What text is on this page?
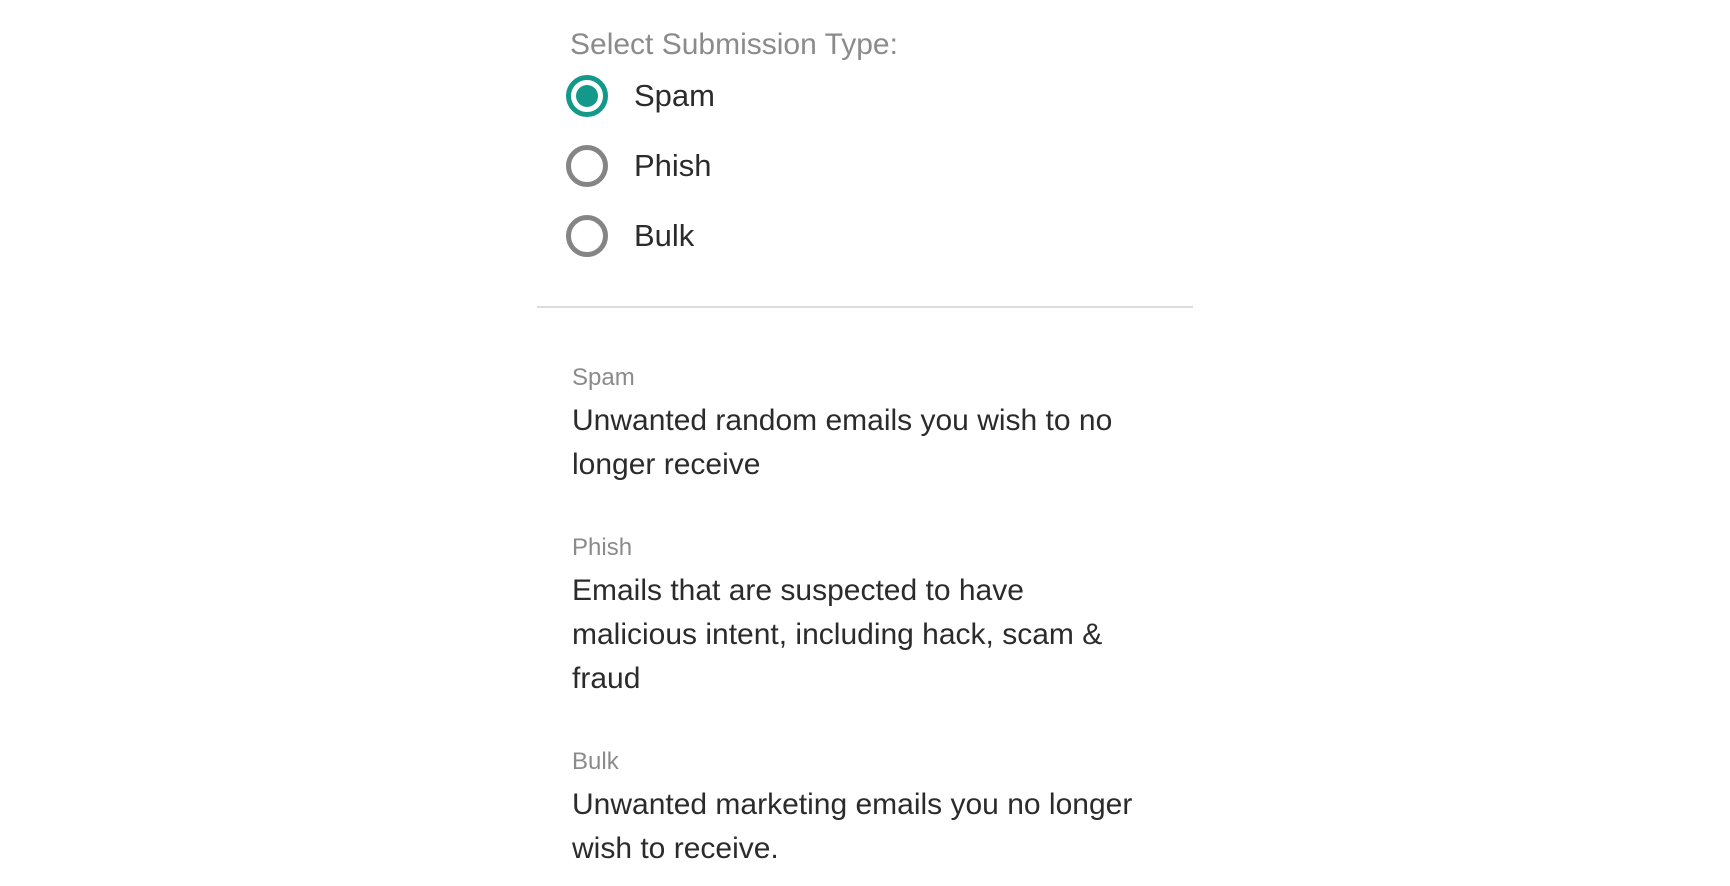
Select Submission Type:
Spam
Phish
Bulk
Spam
Unwanted random emails you wish to no longer receive
Phish
Emails that are suspected to have malicious intent, including hack, scam & fraud
Bulk
Unwanted marketing emails you no longer wish to receive.
